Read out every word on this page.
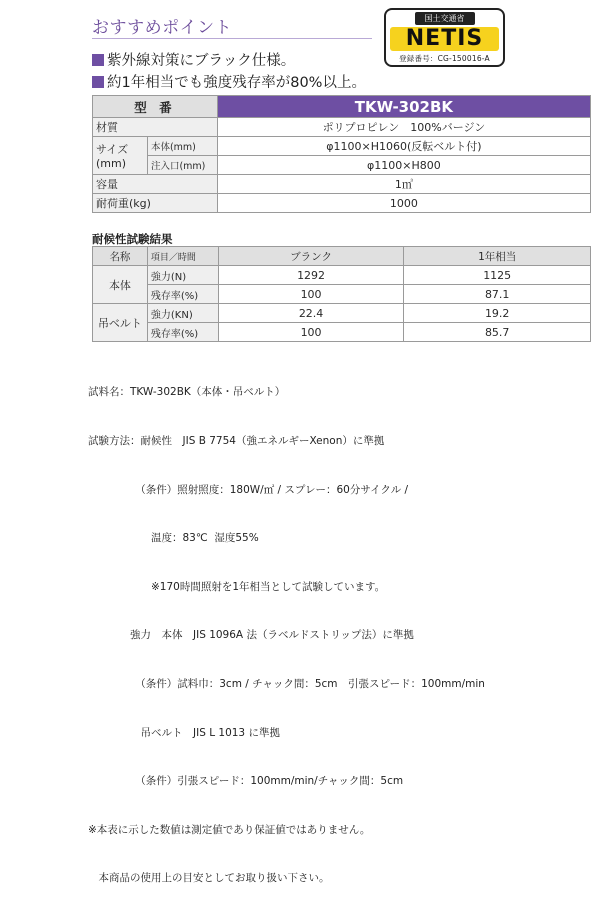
おすすめポイント	国土交通省
NETIS
登録番号：CG-150016-A
紫外線対策にブラック仕様。
約1年相当でも強度残存率が80%以上。
型 番		TKW-302BK
材質		ポリプロピレン　100%バージン

サイズ
(mm)	本体(mm)	φ1100×H1060(反転ベルト付)
	注入口(mm)	φ1100×H800
容量		1㎥
耐荷重(kg)		1000
耐候性試験結果
名称	項目／時間	ブランク	1年相当
本体	強力(N)	1292	1125
	残存率(%)	100	87.1
吊ベルト	強力(KN)	22.4	19.2
	残存率(%)	100	85.7

試料名：TKW-302BK（本体・吊ベルト）

試験方法：耐候性　JIS B 7754（強エネルギーXenon）に準拠

　　　　　（条件）照射照度：180W/㎡ / スプレー：60分サイクル /

　　　　　　温度：83℃  湿度55%

　　　　　　※170時間照射を1年相当として試験しています。

　　　　強力　本体　JIS 1096A 法（ラベルドストリップ法）に準拠

　　　　　（条件）試料巾：3cm / チャック間：5cm　引張スピード：100mm/min

　　　　　吊ベルト　JIS L 1013 に準拠

　　　　　（条件）引張スピード：100mm/min/チャック間：5cm

※本表に示した数値は測定値であり保証値ではありません。

　本商品の使用上の目安としてお取り扱い下さい。
